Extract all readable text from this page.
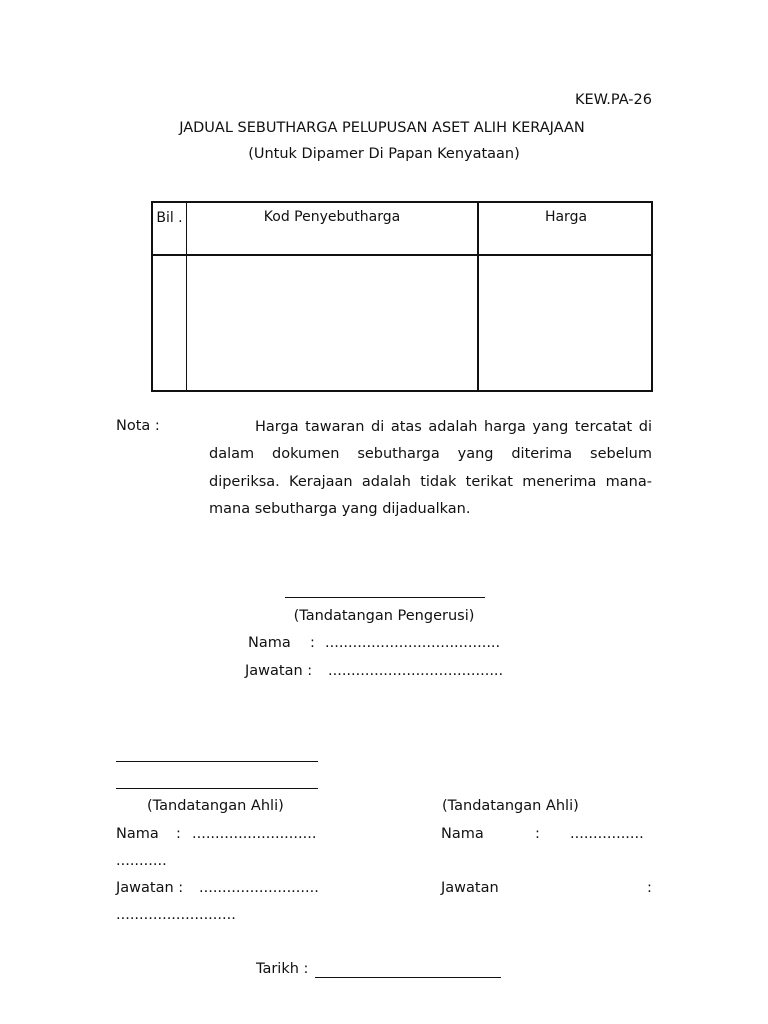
KEW.PA-26
JADUAL SEBUTHARGA PELUPUSAN ASET ALIH KERAJAAN
(Untuk Dipamer Di Papan Kenyataan)
Bil .	Kod Penyebutharga	Harga
Nota :	Harga tawaran di atas adalah harga yang tercatat di dalam dokumen sebutharga yang diterima sebelum diperiksa. Kerajaan adalah tidak terikat menerima mana-mana sebutharga yang dijadualkan.

(Tandatangan Pengerusi)
Nama : ......................................
Jawatan : ......................................
(Tandatangan Ahli)
Nama : ...........................
...........
Jawatan : ..........................
..........................
(Tandatangan Ahli)
Nama	: ................
Jawatan	:
Tarikh :
